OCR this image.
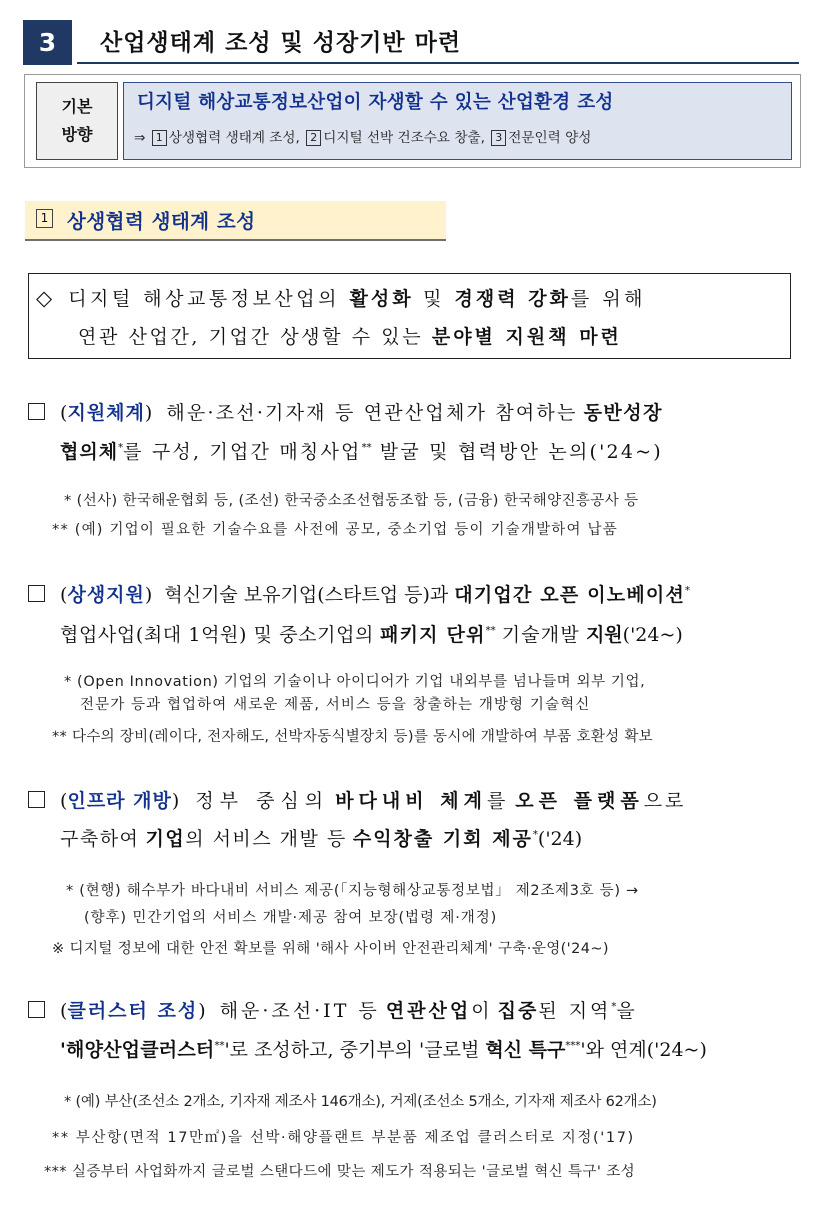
3	산업생태계 조성 및 성장기반 마련
기본
방향
디지털 해상교통정보산업이 자생할 수 있는 산업환경 조성
⇒ 1 상생협력 생태계 조성, 2 디지털 선박 건조수요 창출, 3 전문인력 양성
1 상생협력 생태계 조성
◇ 디지털 해상교통정보산업의 활성화 및 경쟁력 강화를 위해
연관 산업간, 기업간 상생할 수 있는 분야별 지원책 마련
(지원체계) 해운·조선·기자재 등 연관산업체가 참여하는 동반성장
협의체*를 구성, 기업간 매칭사업** 발굴 및 협력방안 논의('24~)
* (선사) 한국해운협회 등, (조선) 한국중소조선협동조합 등, (금융) 한국해양진흥공사 등
** (예) 기업이 필요한 기술수요를 사전에 공모, 중소기업 등이 기술개발하여 납품
(상생지원) 혁신기술 보유기업(스타트업 등)과 대기업간 오픈 이노베이션*
협업사업(최대 1억원) 및 중소기업의 패키지 단위** 기술개발 지원('24~)
* (Open Innovation) 기업의 기술이나 아이디어가 기업 내외부를 넘나들며 외부 기업,
전문가 등과 협업하여 새로운 제품, 서비스 등을 창출하는 개방형 기술혁신
** 다수의 장비(레이다, 전자해도, 선박자동식별장치 등)를 동시에 개발하여 부품 호환성 확보
(인프라 개방) 정부 중심의 바다내비 체계를 오픈 플랫폼으로
구축하여 기업의 서비스 개발 등 수익창출 기회 제공*('24)
* (현행) 해수부가 바다내비 서비스 제공(「지능형해상교통정보법」 제2조제3호 등) →
(향후) 민간기업의 서비스 개발·제공 참여 보장(법령 제·개정)
※ 디지털 정보에 대한 안전 확보를 위해 '해사 사이버 안전관리체계' 구축·운영('24~)
(클러스터 조성) 해운·조선·IT 등 연관산업이 집중된 지역*을
'해양산업클러스터**'로 조성하고, 중기부의 '글로벌 혁신 특구***'와 연계('24~)
* (예) 부산(조선소 2개소, 기자재 제조사 146개소), 거제(조선소 5개소, 기자재 제조사 62개소)
** 부산항(면적 17만㎡)을 선박·해양플랜트 부분품 제조업 클러스터로 지정('17)
*** 실증부터 사업화까지 글로벌 스탠다드에 맞는 제도가 적용되는 '글로벌 혁신 특구' 조성
